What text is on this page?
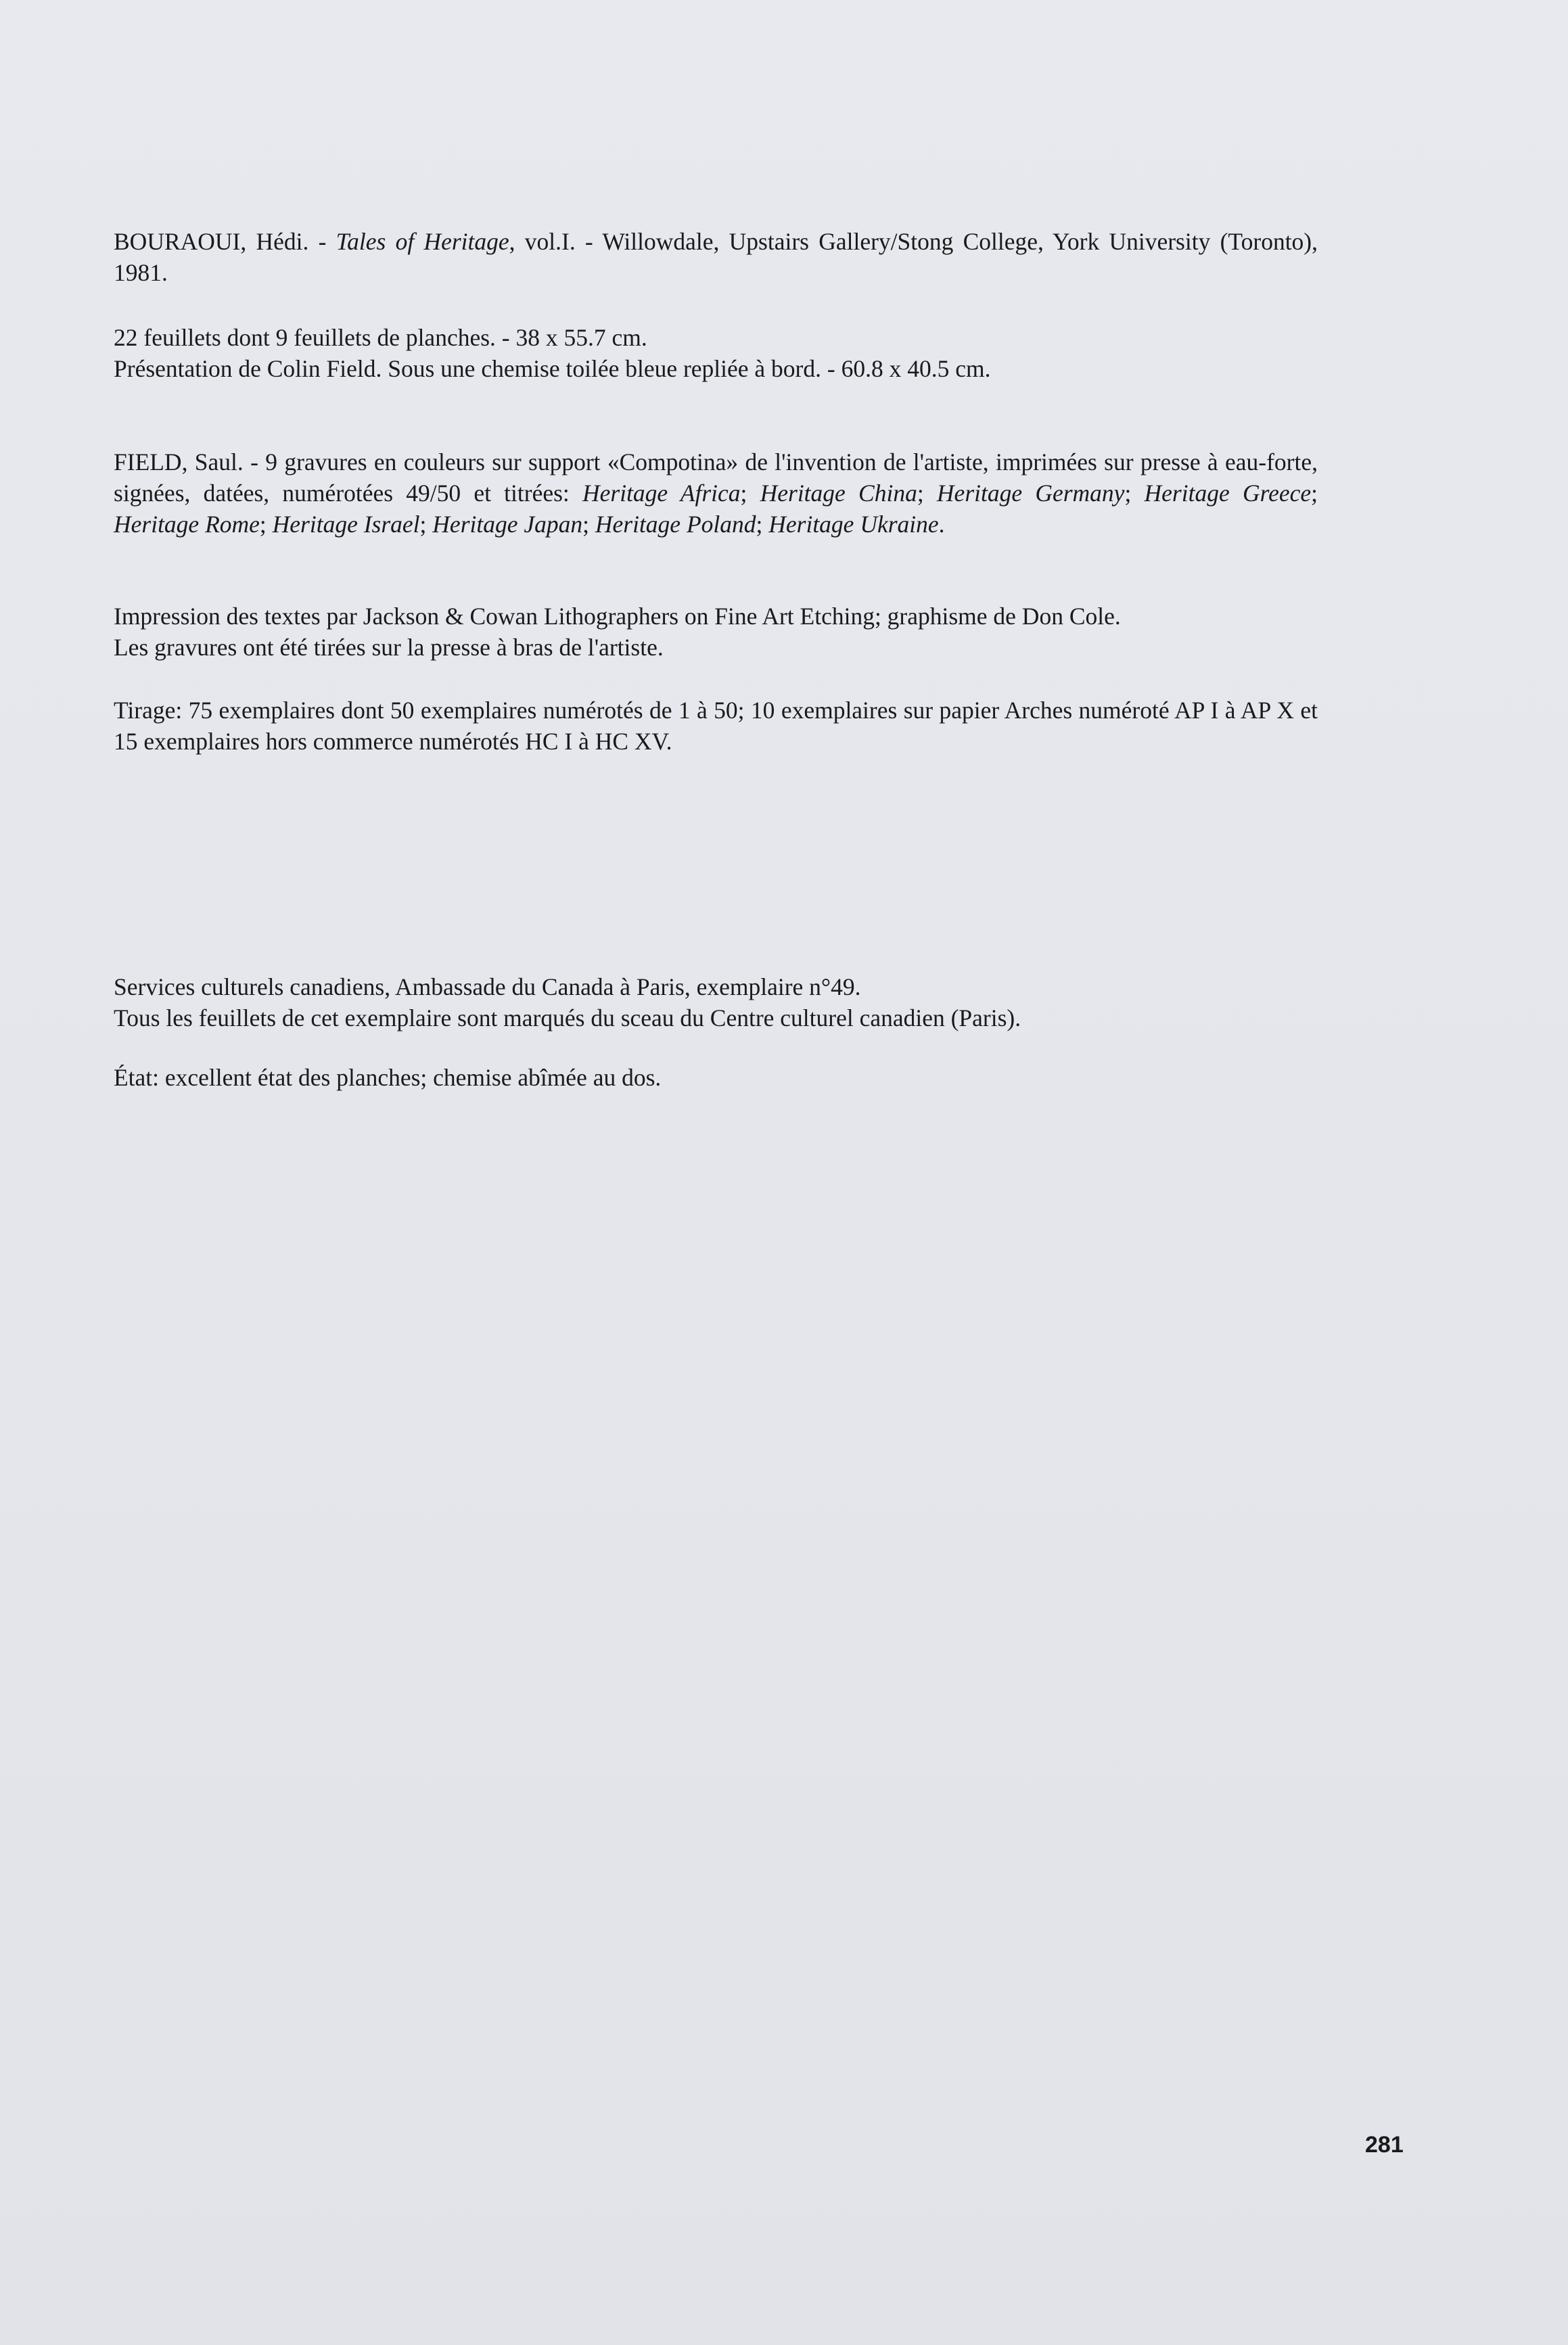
BOURAOUI, Hédi. - Tales of Heritage, vol.I. - Willowdale, Upstairs Gallery/Stong College, York University (Toronto), 1981.

22 feuillets dont 9 feuillets de planches. - 38 x 55.7 cm.

Présentation de Colin Field. Sous une chemise toilée bleue repliée à bord. - 60.8 x 40.5 cm.

FIELD, Saul. - 9 gravures en couleurs sur support «Compotina» de l'invention de l'artiste, imprimées sur presse à eau-forte, signées, datées, numérotées 49/50 et titrées: Heritage Africa; Heritage China; Heritage Germany; Heritage Greece; Heritage Rome; Heritage Israel; Heritage Japan; Heritage Poland; Heritage Ukraine.

Impression des textes par Jackson & Cowan Lithographers on Fine Art Etching; graphisme de Don Cole.

Les gravures ont été tirées sur la presse à bras de l'artiste.

Tirage: 75 exemplaires dont 50 exemplaires numérotés de 1 à 50; 10 exemplaires sur papier Arches numéroté AP I à AP X et 15 exemplaires hors commerce numérotés HC I à HC XV.

Services culturels canadiens, Ambassade du Canada à Paris, exemplaire n°49.

Tous les feuillets de cet exemplaire sont marqués du sceau du Centre culturel canadien (Paris).

État: excellent état des planches; chemise abîmée au dos.

281
